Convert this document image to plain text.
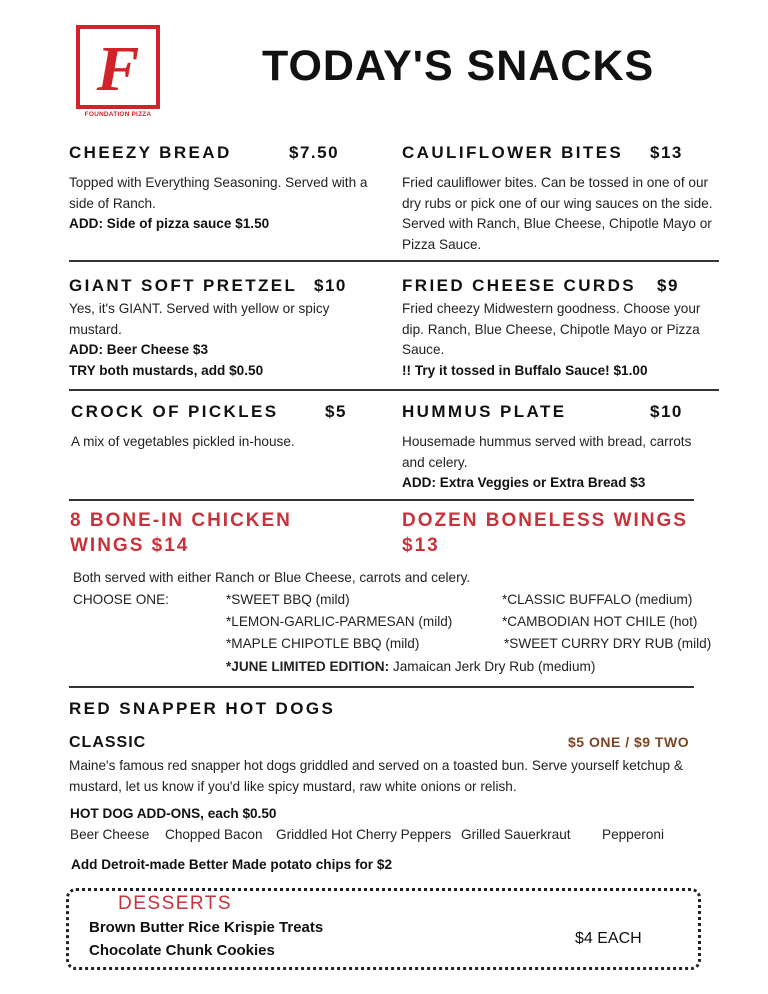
F
FOUNDATION PIZZA
TODAY'S SNACKS
CHEEZY BREAD	$7.50
Topped with Everything Seasoning. Served with a
side of Ranch.
ADD: Side of pizza sauce $1.50
CAULIFLOWER BITES $13
Fried cauliflower bites. Can be tossed in one of our
dry rubs or pick one of our wing sauces on the side.
Served with Ranch, Blue Cheese, Chipotle Mayo or
Pizza Sauce.
GIANT SOFT PRETZEL $10
Yes, it's GIANT. Served with yellow or spicy
mustard.
ADD: Beer Cheese $3
TRY both mustards, add $0.50
FRIED CHEESE CURDS $9
Fried cheezy Midwestern goodness. Choose your
dip. Ranch, Blue Cheese, Chipotle Mayo or Pizza
Sauce.
!! Try it tossed in Buffalo Sauce! $1.00
CROCK OF PICKLES	$5
A mix of vegetables pickled in-house.
HUMMUS PLATE	$10
Housemade hummus served with bread, carrots
and celery.
ADD: Extra Veggies or Extra Bread $3
8 BONE-IN CHICKEN
WINGS $14
DOZEN BONELESS WINGS
$13
Both served with either Ranch or Blue Cheese, carrots and celery.
CHOOSE ONE:	*SWEET BBQ (mild)
*LEMON-GARLIC-PARMESAN (mild)
*MAPLE CHIPOTLE BBQ (mild)
*CLASSIC BUFFALO (medium)
*CAMBODIAN HOT CHILE (hot)
*SWEET CURRY DRY RUB (mild)
*JUNE LIMITED EDITION: Jamaican Jerk Dry Rub (medium)
RED SNAPPER HOT DOGS
CLASSIC	$5 ONE / $9 TWO
Maine's famous red snapper hot dogs griddled and served on a toasted bun. Serve yourself ketchup &
mustard, let us know if you'd like spicy mustard, raw white onions or relish.
HOT DOG ADD-ONS, each $0.50
Beer Cheese Chopped Bacon Griddled Hot Cherry Peppers Grilled Sauerkraut Pepperoni
Add Detroit-made Better Made potato chips for $2
DESSERTS
Brown Butter Rice Krispie Treats
Chocolate Chunk Cookies
$4 EACH
